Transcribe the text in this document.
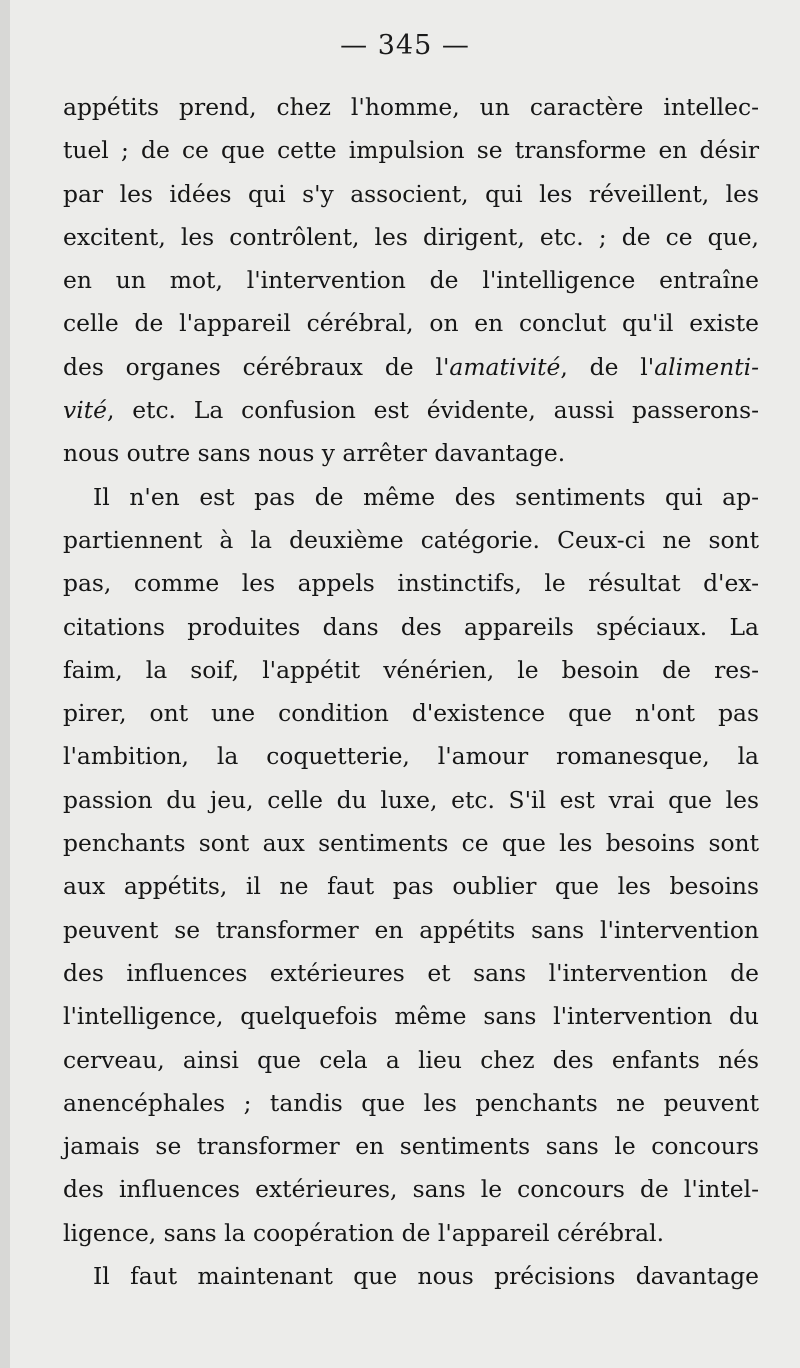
— 345 —
appétits prend, chez l'homme, un caractère intellec-
tuel ; de ce que cette impulsion se transforme en désir
par les idées qui s'y associent, qui les réveillent, les
excitent, les contrôlent, les dirigent, etc. ; de ce que,
en un mot, l'intervention de l'intelligence entraîne
celle de l'appareil cérébral, on en conclut qu'il existe
des organes cérébraux de l'amativité, de l'alimenti-
vité, etc. La confusion est évidente, aussi passerons-
nous outre sans nous y arrêter davantage.
Il n'en est pas de même des sentiments qui ap-
partiennent à la deuxième catégorie. Ceux-ci ne sont
pas, comme les appels instinctifs, le résultat d'ex-
citations produites dans des appareils spéciaux. La
faim, la soif, l'appétit vénérien, le besoin de res-
pirer, ont une condition d'existence que n'ont pas
l'ambition, la coquetterie, l'amour romanesque, la
passion du jeu, celle du luxe, etc. S'il est vrai que les
penchants sont aux sentiments ce que les besoins sont
aux appétits, il ne faut pas oublier que les besoins
peuvent se transformer en appétits sans l'intervention
des influences extérieures et sans l'intervention de
l'intelligence, quelquefois même sans l'intervention du
cerveau, ainsi que cela a lieu chez des enfants nés
anencéphales ; tandis que les penchants ne peuvent
jamais se transformer en sentiments sans le concours
des influences extérieures, sans le concours de l'intel-
ligence, sans la coopération de l'appareil cérébral.
Il faut maintenant que nous précisions davantage
